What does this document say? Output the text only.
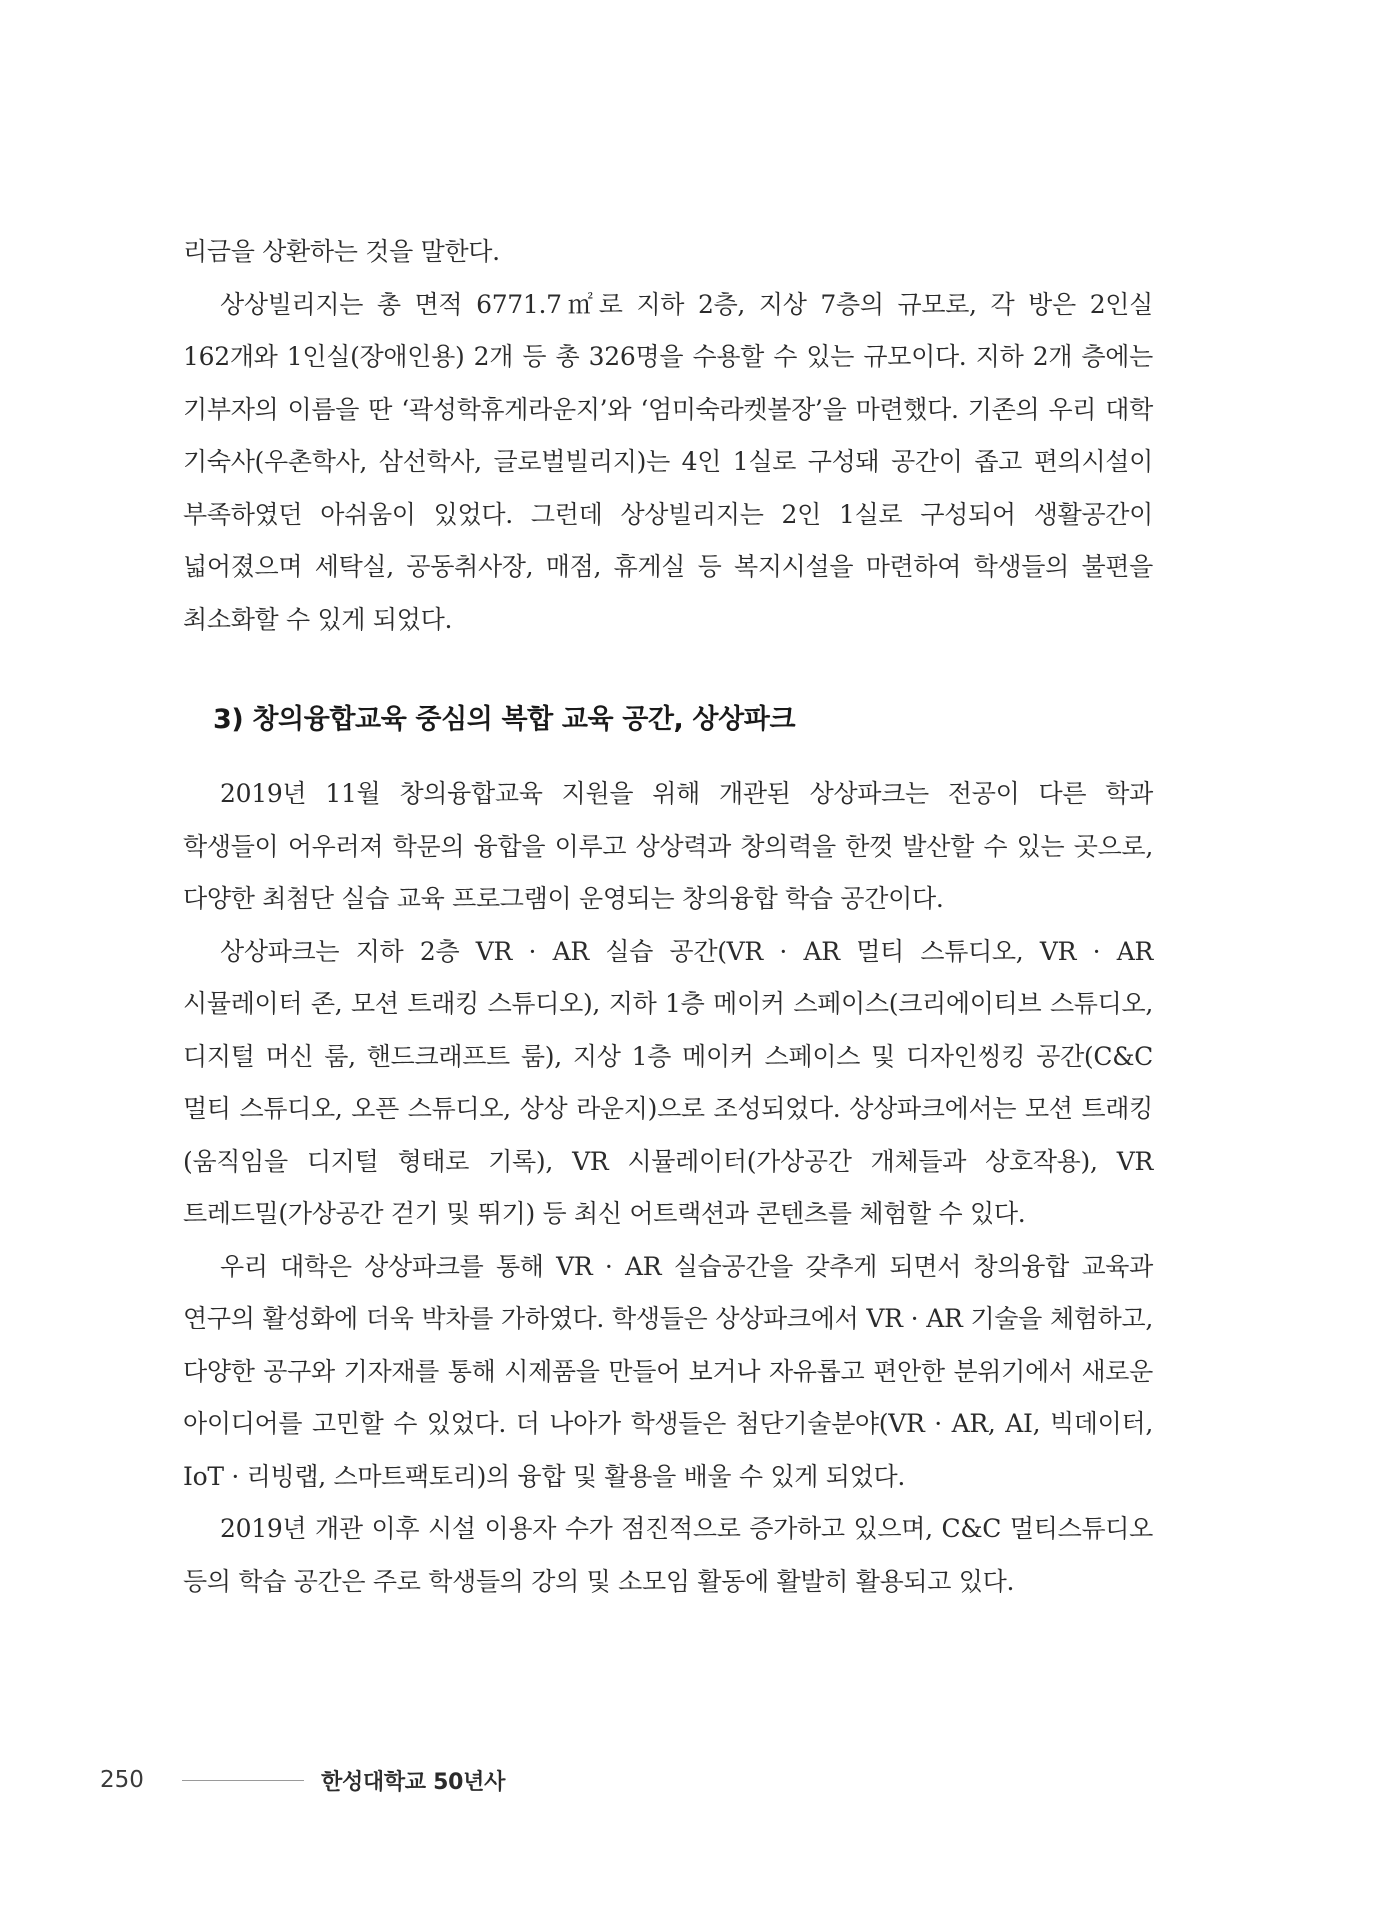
리금을 상환하는 것을 말한다.

상상빌리지는 총 면적 6771.7㎡로 지하 2층, 지상 7층의 규모로, 각 방은 2인실 162개와 1인실(장애인용) 2개 등 총 326명을 수용할 수 있는 규모이다. 지하 2개 층에는 기부자의 이름을 딴 ‘곽성학휴게라운지’와 ‘엄미숙라켓볼장’을 마련했다. 기존의 우리 대학 기숙사(우촌학사, 삼선학사, 글로벌빌리지)는 4인 1실로 구성돼 공간이 좁고 편의시설이 부족하였던 아쉬움이 있었다. 그런데 상상빌리지는 2인 1실로 구성되어 생활공간이 넓어졌으며 세탁실, 공동취사장, 매점, 휴게실 등 복지시설을 마련하여 학생들의 불편을 최소화할 수 있게 되었다.

3) 창의융합교육 중심의 복합 교육 공간, 상상파크

2019년 11월 창의융합교육 지원을 위해 개관된 상상파크는 전공이 다른 학과 학생들이 어우러져 학문의 융합을 이루고 상상력과 창의력을 한껏 발산할 수 있는 곳으로, 다양한 최첨단 실습 교육 프로그램이 운영되는 창의융합 학습 공간이다.

상상파크는 지하 2층 VR · AR 실습 공간(VR · AR 멀티 스튜디오, VR · AR 시뮬레이터 존, 모션 트래킹 스튜디오), 지하 1층 메이커 스페이스(크리에이티브 스튜디오, 디지털 머신 룸, 핸드크래프트 룸), 지상 1층 메이커 스페이스 및 디자인씽킹 공간(C&C 멀티 스튜디오, 오픈 스튜디오, 상상 라운지)으로 조성되었다. 상상파크에서는 모션 트래킹(움직임을 디지털 형태로 기록), VR 시뮬레이터(가상공간 개체들과 상호작용), VR 트레드밀(가상공간 걷기 및 뛰기) 등 최신 어트랙션과 콘텐츠를 체험할 수 있다.

우리 대학은 상상파크를 통해 VR · AR 실습공간을 갖추게 되면서 창의융합 교육과 연구의 활성화에 더욱 박차를 가하였다. 학생들은 상상파크에서 VR · AR 기술을 체험하고, 다양한 공구와 기자재를 통해 시제품을 만들어 보거나 자유롭고 편안한 분위기에서 새로운 아이디어를 고민할 수 있었다. 더 나아가 학생들은 첨단기술분야(VR · AR, AI, 빅데이터, IoT · 리빙랩, 스마트팩토리)의 융합 및 활용을 배울 수 있게 되었다.

2019년 개관 이후 시설 이용자 수가 점진적으로 증가하고 있으며, C&C 멀티스튜디오 등의 학습 공간은 주로 학생들의 강의 및 소모임 활동에 활발히 활용되고 있다.

250	한성대학교 50년사
